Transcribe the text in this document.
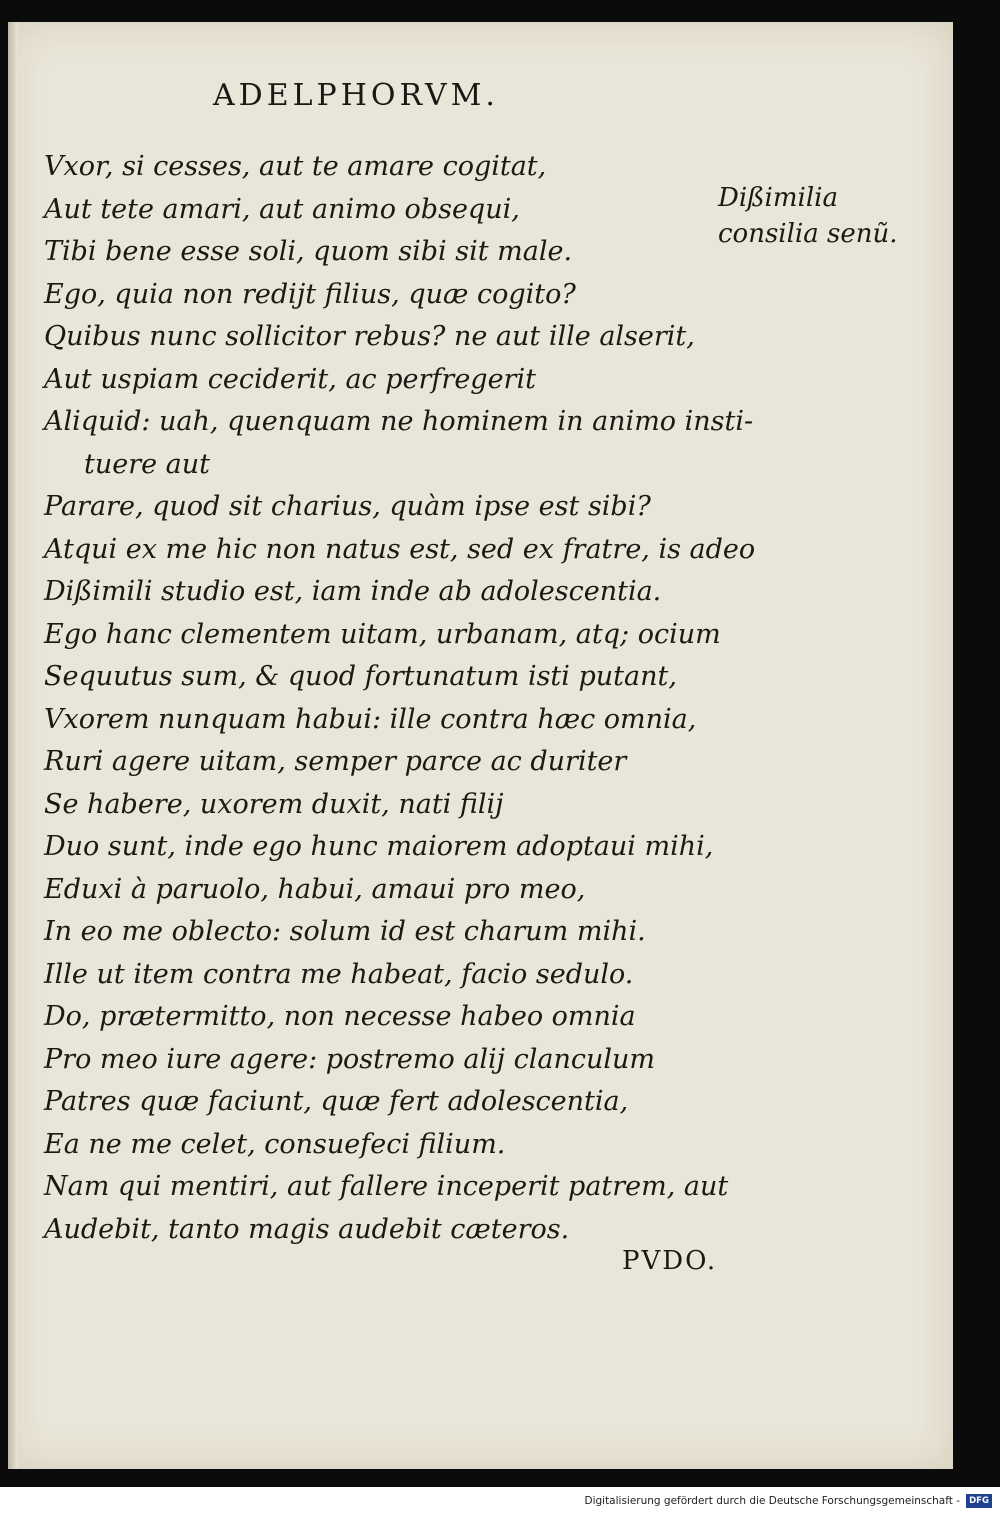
ADELPHORVM.
Vxor, si cesses, aut te amare cogitat,
Aut tete amari, aut animo obsequi,
Tibi bene esse soli, quom sibi sit male.
Ego, quia non redijt filius, quæ cogito?
Quibus nunc sollicitor rebus? ne aut ille alserit,
Aut uspiam ceciderit, ac perfregerit
Aliquid: uah, quenquam ne hominem in animo insti-
tuere aut
Parare, quod sit charius, quàm ipse est sibi?
Atqui ex me hic non natus est, sed ex fratre, is adeo
Dißimili studio est, iam inde ab adolescentia.
Ego hanc clementem uitam, urbanam, atq; ocium
Sequutus sum, & quod fortunatum isti putant,
Vxorem nunquam habui: ille contra hæc omnia,
Ruri agere uitam, semper parce ac duriter
Se habere, uxorem duxit, nati filij
Duo sunt, inde ego hunc maiorem adoptaui mihi,
Eduxi à paruolo, habui, amaui pro meo,
In eo me oblecto: solum id est charum mihi.
Ille ut item contra me habeat, facio sedulo.
Do, prætermitto, non necesse habeo omnia
Pro meo iure agere: postremo alij clanculum
Patres quæ faciunt, quæ fert adolescentia,
Ea ne me celet, consuefeci filium.
Nam qui mentiri, aut fallere inceperit patrem, aut
Audebit, tanto magis audebit cæteros.
Dißimilia
consilia senũ.
PVDO.
Digitalisierung gefördert durch die Deutsche Forschungsgemeinschaft -	DFG
